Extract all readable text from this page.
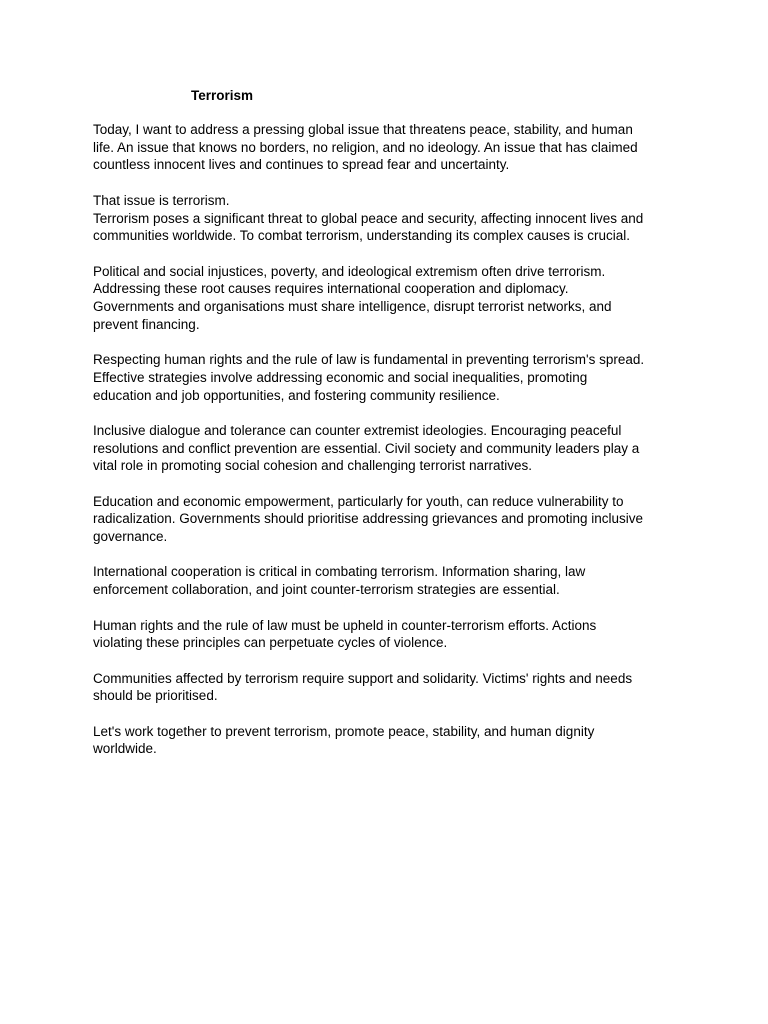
Terrorism

Today, I want to address a pressing global issue that threatens peace, stability, and human
life. An issue that knows no borders, no religion, and no ideology. An issue that has claimed
countless innocent lives and continues to spread fear and uncertainty.

That issue is terrorism.
Terrorism poses a significant threat to global peace and security, affecting innocent lives and
communities worldwide. To combat terrorism, understanding its complex causes is crucial.

Political and social injustices, poverty, and ideological extremism often drive terrorism.
Addressing these root causes requires international cooperation and diplomacy.
Governments and organisations must share intelligence, disrupt terrorist networks, and
prevent financing.

Respecting human rights and the rule of law is fundamental in preventing terrorism's spread.
Effective strategies involve addressing economic and social inequalities, promoting
education and job opportunities, and fostering community resilience.

Inclusive dialogue and tolerance can counter extremist ideologies. Encouraging peaceful
resolutions and conflict prevention are essential. Civil society and community leaders play a
vital role in promoting social cohesion and challenging terrorist narratives.

Education and economic empowerment, particularly for youth, can reduce vulnerability to
radicalization. Governments should prioritise addressing grievances and promoting inclusive
governance.

International cooperation is critical in combating terrorism. Information sharing, law
enforcement collaboration, and joint counter-terrorism strategies are essential.

Human rights and the rule of law must be upheld in counter-terrorism efforts. Actions
violating these principles can perpetuate cycles of violence.

Communities affected by terrorism require support and solidarity. Victims' rights and needs
should be prioritised.

Let's work together to prevent terrorism, promote peace, stability, and human dignity
worldwide.
